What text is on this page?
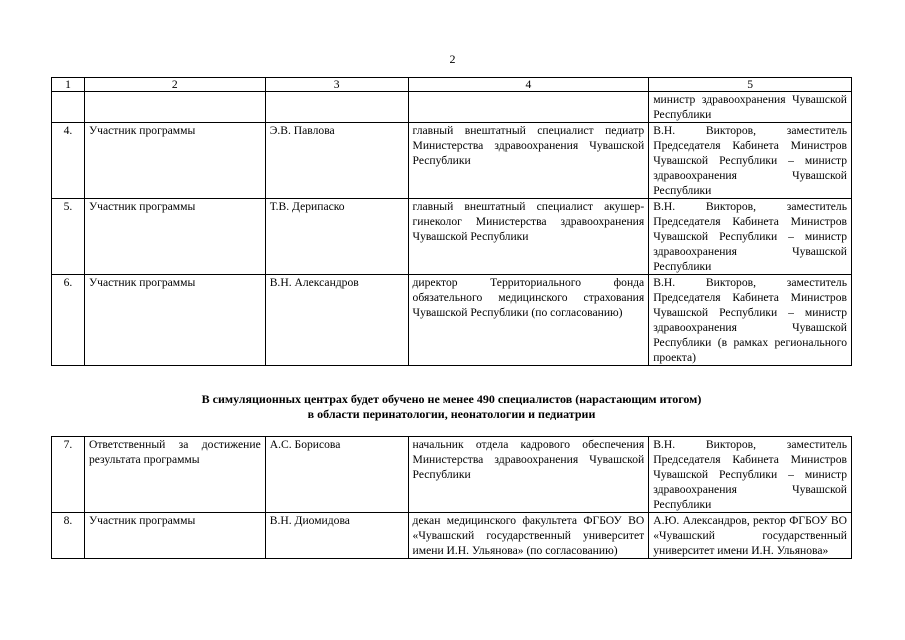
2
1	2	3	4	5
				министр здравоохранения Чувашской Республики
4.	Участник программы	Э.В. Павлова	главный внештатный специалист педиатр Министерства здравоохранения Чувашской Республики	В.Н. Викторов, заместитель Председателя Кабинета Министров Чувашской Республики – министр здравоохранения Чувашской Республики
5.	Участник программы	Т.В. Дерипаско	главный внештатный специалист акушер-гинеколог Министерства здравоохранения Чувашской Республики	В.Н. Викторов, заместитель Председателя Кабинета Министров Чувашской Республики – министр здравоохранения Чувашской Республики
6.	Участник программы	В.Н. Александров	директор Территориального фонда обязательного медицинского страхования Чувашской Республики (по согласованию)	В.Н. Викторов, заместитель Председателя Кабинета Министров Чувашской Республики – министр здравоохранения Чувашской Республики (в рамках регионального проекта)
В симуляционных центрах будет обучено не менее 490 специалистов (нарастающим итогом)
в области перинатологии, неонатологии и педиатрии
7.	Ответственный за достижение результата программы	А.С. Борисова	начальник отдела кадрового обеспечения Министерства здравоохранения Чувашской Республики	В.Н. Викторов, заместитель Председателя Кабинета Министров Чувашской Республики – министр здравоохранения Чувашской Республики
8.	Участник программы	В.Н. Диомидова	декан медицинского факультета ФГБОУ ВО «Чувашский государственный университет имени И.Н. Ульянова» (по согласованию)	А.Ю. Александров, ректор ФГБОУ ВО «Чувашский государственный университет имени И.Н. Ульянова»
